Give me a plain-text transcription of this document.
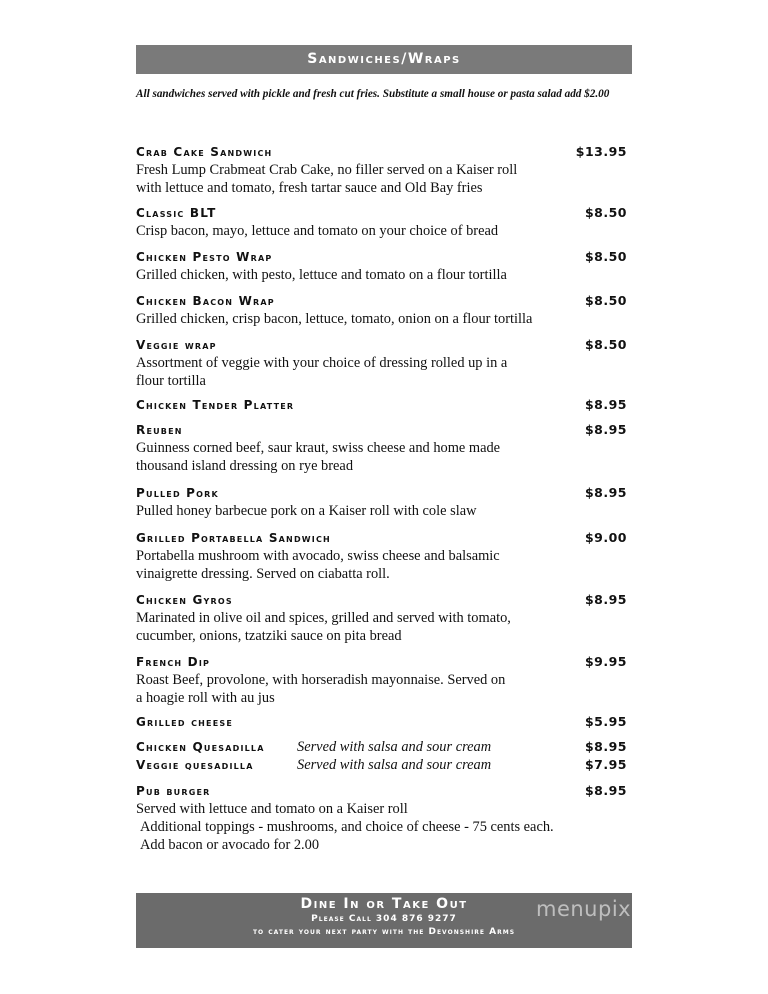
Sandwiches/Wraps
All sandwiches served with pickle and fresh cut fries. Substitute a small house or pasta salad add $2.00
Crab Cake Sandwich	$13.95
Fresh Lump Crabmeat Crab Cake, no filler served on a Kaiser roll
with lettuce and tomato, fresh tartar sauce and Old Bay fries
Classic BLT	$8.50
Crisp bacon, mayo, lettuce and tomato on your choice of bread
Chicken Pesto Wrap	$8.50
Grilled chicken, with pesto, lettuce and tomato on a flour tortilla
Chicken Bacon Wrap	$8.50
Grilled chicken, crisp bacon, lettuce, tomato, onion on a flour tortilla
Veggie wrap	$8.50
Assortment of veggie with your choice of dressing rolled up in a
flour tortilla
Chicken Tender Platter	$8.95
Reuben	$8.95
Guinness corned beef, saur kraut, swiss cheese and home made
thousand island dressing on rye bread
Pulled Pork	$8.95
Pulled honey barbecue pork on a Kaiser roll with cole slaw
Grilled Portabella Sandwich	$9.00
Portabella mushroom with avocado, swiss cheese and balsamic
vinaigrette dressing. Served on ciabatta roll.
Chicken Gyros	$8.95
Marinated in olive oil and spices, grilled and served with tomato,
cucumber, onions, tzatziki sauce on pita bread
French Dip	$9.95
Roast Beef, provolone, with horseradish mayonnaise. Served on
a hoagie roll with au jus
Grilled cheese	$5.95
Chicken Quesadilla Served with salsa and sour cream	$8.95
Veggie quesadilla	Served with salsa and sour cream	$7.95
Pub burger	$8.95
Served with lettuce and tomato on a Kaiser roll
Additional toppings - mushrooms, and choice of cheese - 75 cents each.
Add bacon or avocado for 2.00
Dine In or Take Out
Please Call 304 876 9277
to cater your next party with the Devonshire Arms
menupix
